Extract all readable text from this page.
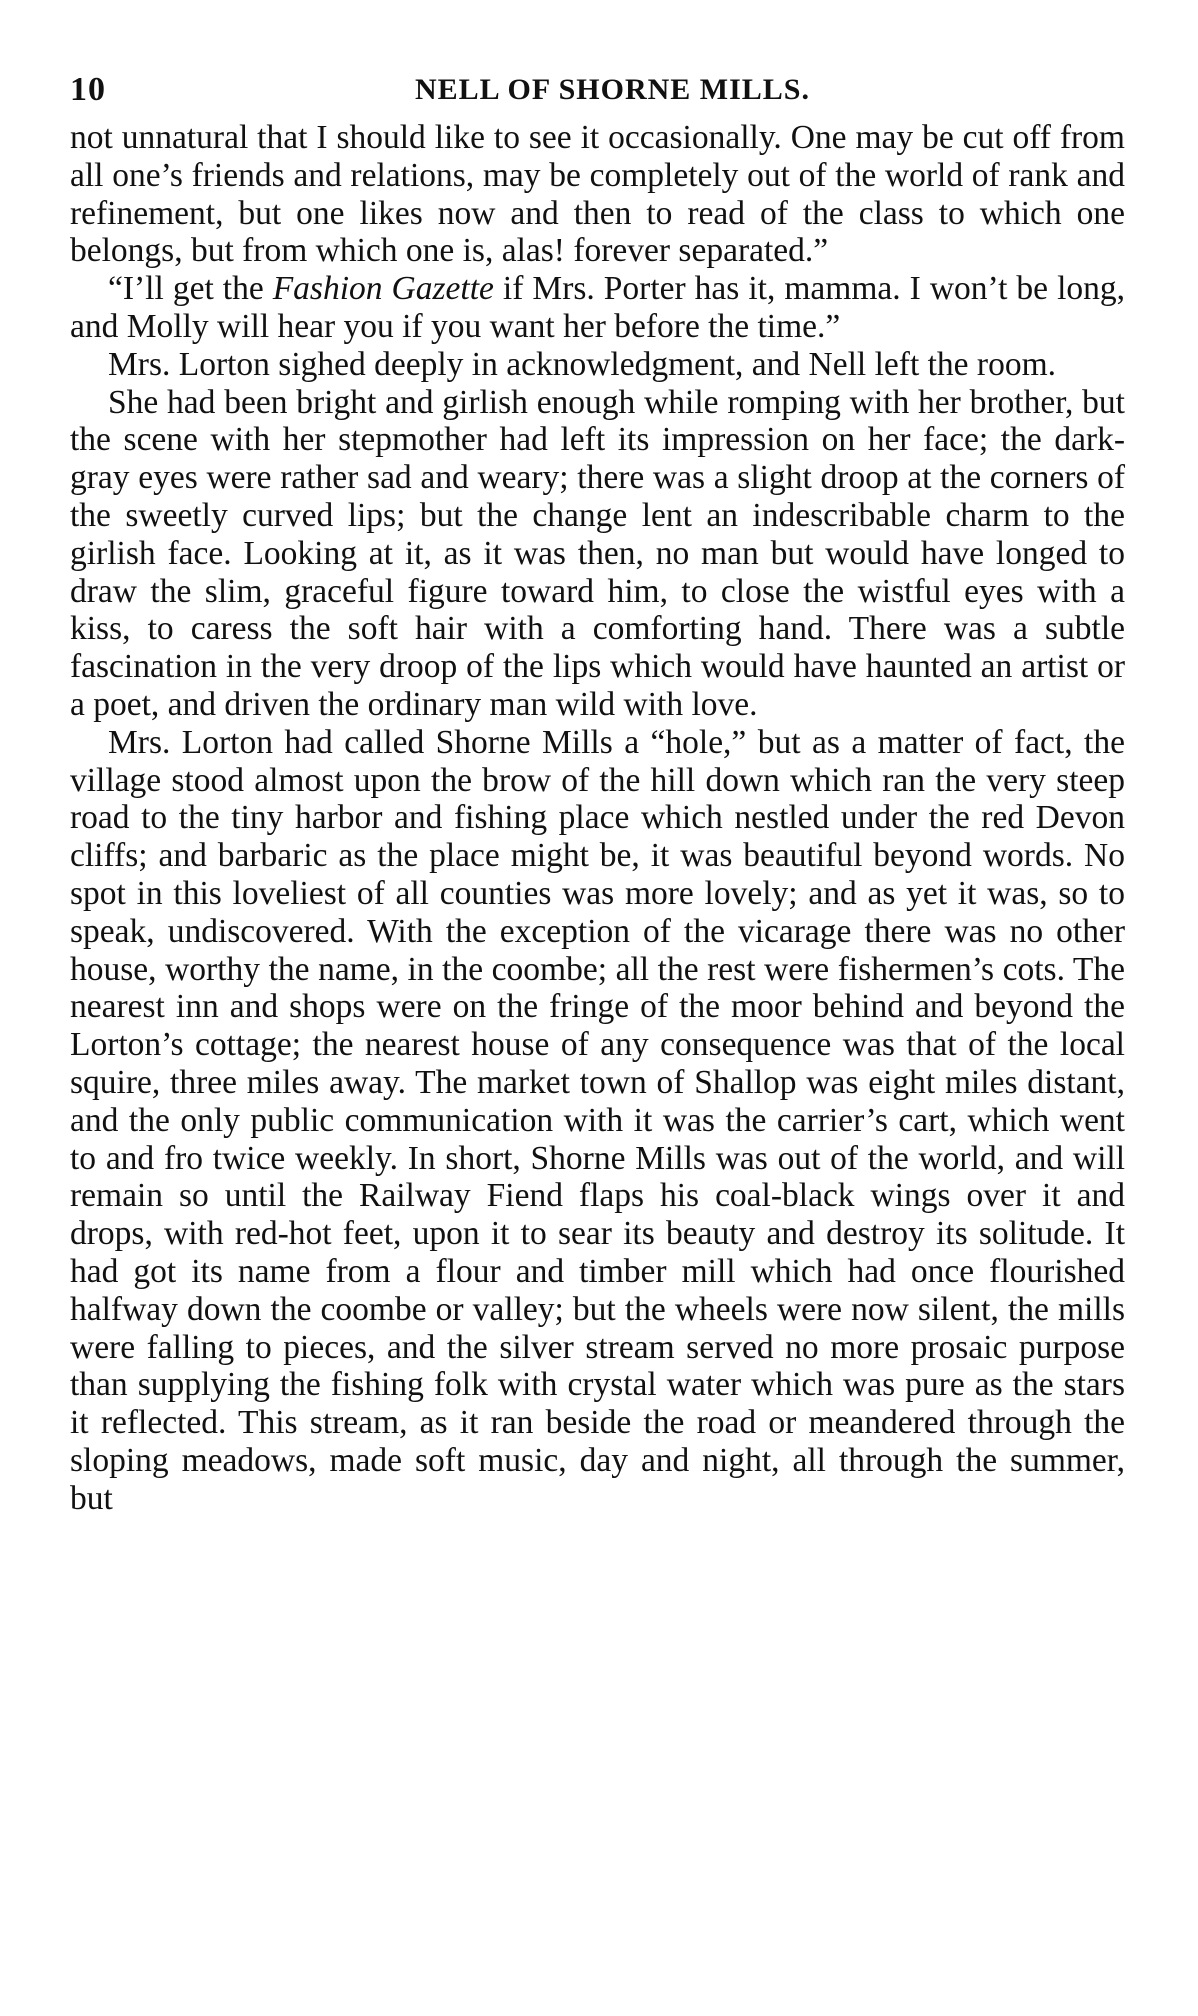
10	NELL OF SHORNE MILLS.

not unnatural that I should like to see it occasionally. One may be cut off from all one’s friends and relations, may be completely out of the world of rank and refinement, but one likes now and then to read of the class to which one belongs, but from which one is, alas! forever separated.”

“I’ll get the Fashion Gazette if Mrs. Porter has it, mamma. I won’t be long, and Molly will hear you if you want her before the time.”

Mrs. Lorton sighed deeply in acknowledgment, and Nell left the room.

She had been bright and girlish enough while romping with her brother, but the scene with her stepmother had left its impression on her face; the dark-gray eyes were rather sad and weary; there was a slight droop at the corners of the sweetly curved lips; but the change lent an indescribable charm to the girlish face. Looking at it, as it was then, no man but would have longed to draw the slim, graceful figure toward him, to close the wistful eyes with a kiss, to caress the soft hair with a comforting hand. There was a subtle fascination in the very droop of the lips which would have haunted an artist or a poet, and driven the ordinary man wild with love.

Mrs. Lorton had called Shorne Mills a “hole,” but as a matter of fact, the village stood almost upon the brow of the hill down which ran the very steep road to the tiny harbor and fishing place which nestled under the red Devon cliffs; and barbaric as the place might be, it was beautiful beyond words. No spot in this loveliest of all counties was more lovely; and as yet it was, so to speak, undiscovered. With the exception of the vicarage there was no other house, worthy the name, in the coombe; all the rest were fishermen’s cots. The nearest inn and shops were on the fringe of the moor behind and beyond the Lorton’s cottage; the nearest house of any consequence was that of the local squire, three miles away. The market town of Shallop was eight miles distant, and the only public communication with it was the carrier’s cart, which went to and fro twice weekly. In short, Shorne Mills was out of the world, and will remain so until the Railway Fiend flaps his coal-black wings over it and drops, with red-hot feet, upon it to sear its beauty and destroy its solitude. It had got its name from a flour and timber mill which had once flourished halfway down the coombe or valley; but the wheels were now silent, the mills were falling to pieces, and the silver stream served no more prosaic purpose than supplying the fishing folk with crystal water which was pure as the stars it reflected. This stream, as it ran beside the road or meandered through the sloping meadows, made soft music, day and night, all through the summer, but
